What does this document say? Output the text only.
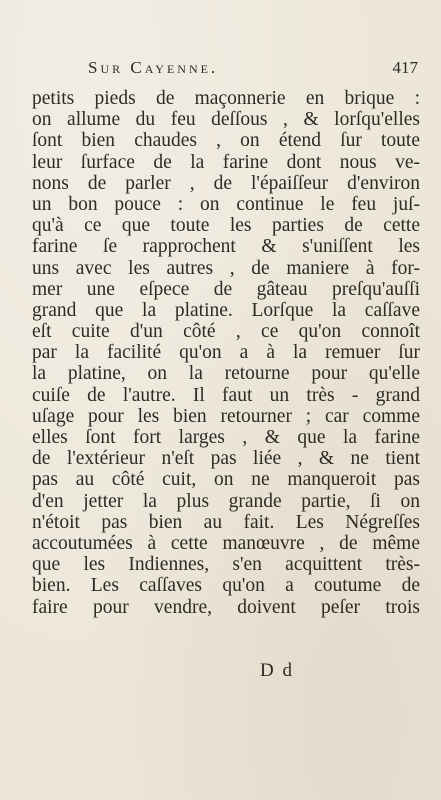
Sur Cayenne.	417
petits pieds de maçonnerie en brique :
on allume du feu deſſous , & lorſqu'elles
ſont bien chaudes , on étend ſur toute
leur ſurface de la farine dont nous ve-
nons de parler , de l'épaiſſeur d'environ
un bon pouce : on continue le feu juſ-
qu'à ce que toute les parties de cette
farine ſe rapprochent & s'uniſſent les
uns avec les autres , de maniere à for-
mer une eſpece de gâteau preſqu'auſſi
grand que la platine. Lorſque la caſſave
eſt cuite d'un côté , ce qu'on connoît
par la facilité qu'on a à la remuer ſur
la platine, on la retourne pour qu'elle
cuiſe de l'autre. Il faut un très - grand
uſage pour les bien retourner ; car comme
elles ſont fort larges , & que la farine
de l'extérieur n'eſt pas liée , & ne tient
pas au côté cuit, on ne manqueroit pas
d'en jetter la plus grande partie, ſi on
n'étoit pas bien au fait. Les Négreſſes
accoutumées à cette manœuvre , de même
que les Indiennes, s'en acquittent très-
bien. Les caſſaves qu'on a coutume de
faire pour vendre, doivent peſer trois
D d
